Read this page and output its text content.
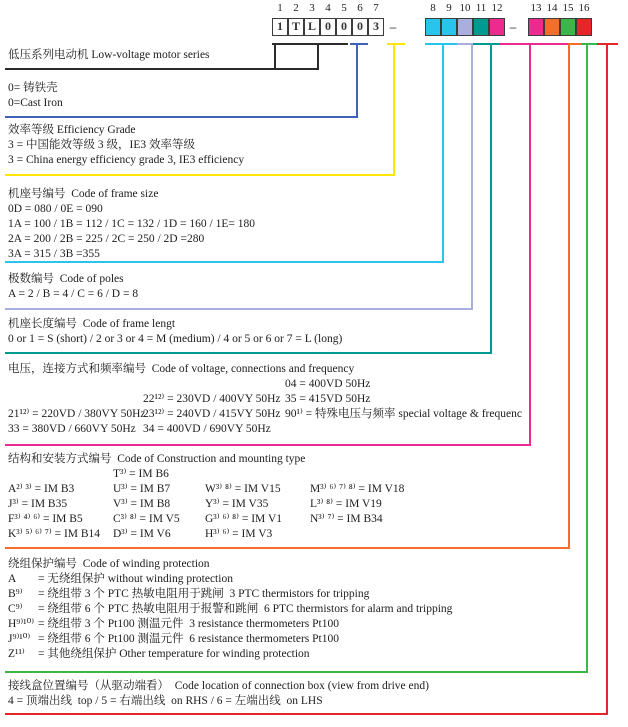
1 2 3 4 5 6 7	8 9 10 11 12	13 14 15 16
1 T L 0 0 0 3 –	–
低压系列电动机 Low-voltage motor series
0= 铸铁壳
0=Cast Iron
效率等级 Efficiency Grade
3 = 中国能效等级 3 级，IE3 效率等级
3 = China energy efficiency grade 3, IE3 efficiency
机座号编号  Code of frame size
0D = 080 / 0E = 090
1A = 100 / 1B = 112 / 1C = 132 / 1D = 160 / 1E= 180
2A = 200 / 2B = 225 / 2C = 250 / 2D =280
3A = 315 / 3B =355
极数编号  Code of poles
A = 2 / B = 4 / C = 6 / D = 8
机座长度编号  Code of frame lengt
0 or 1 = S (short) / 2 or 3 or 4 = M (medium) / 4 or 5 or 6 or 7 = L (long)
电压，连接方式和频率编号  Code of voltage, connections and frequency
04 = 400VD 50Hz
22¹²⁾ = 230VD / 400VY 50Hz 35 = 415VD 50Hz
21¹²⁾ = 220VD / 380VY 50Hz
23¹²⁾ = 240VD / 415VY 50Hz 90¹⁾ = 特殊电压与频率 special voltage & frequenc
33 = 380VD / 660VY 50Hz 34 = 400VD / 690VY 50Hz
结构和安装方式编号  Code of Construction and mounting type
T³⁾ = IM B6
A²⁾ ³⁾ = IM B3	U³⁾ = IM B7	W³⁾ ⁸⁾ = IM V15	M³⁾ ⁶⁾ ⁷⁾ ⁸⁾ = IM V18
J³⁾ = IM B35	V³⁾ = IM B8	Y³⁾ = IM V35	L³⁾ ⁸⁾ = IM V19
F³⁾ ⁴⁾ ⁶⁾ = IM B5	C³⁾ ⁸⁾ = IM V5 G³⁾ ⁶⁾ ⁸⁾ = IM V1 N³⁾ ⁷⁾ = IM B34
K³⁾ ⁵⁾ ⁶⁾ ⁷⁾ = IM B14 D³⁾ = IM V6	H³⁾ ⁶⁾ = IM V3
绕组保护编号  Code of winding protection
A = 无绕组保护 without winding protection
B⁹⁾ = 绕组带 3 个 PTC 热敏电阻用于跳闸  3 PTC thermistors for tripping
C⁹⁾ = 绕组带 6 个 PTC 热敏电阻用于报警和跳闸  6 PTC thermistors for alarm and tripping
H⁹⁾¹⁰⁾ = 绕组带 3 个 Pt100 测温元件  3 resistance thermometers Pt100
J⁹⁾¹⁰⁾ = 绕组带 6 个 Pt100 测温元件  6 resistance thermometers Pt100
Z¹¹⁾ = 其他绕组保护 Other temperature for winding protection
接线盒位置编号（从驱动端看）  Code location of connection box (view from drive end)
4 = 顶端出线  top / 5 = 右端出线  on RHS / 6 = 左端出线  on LHS
